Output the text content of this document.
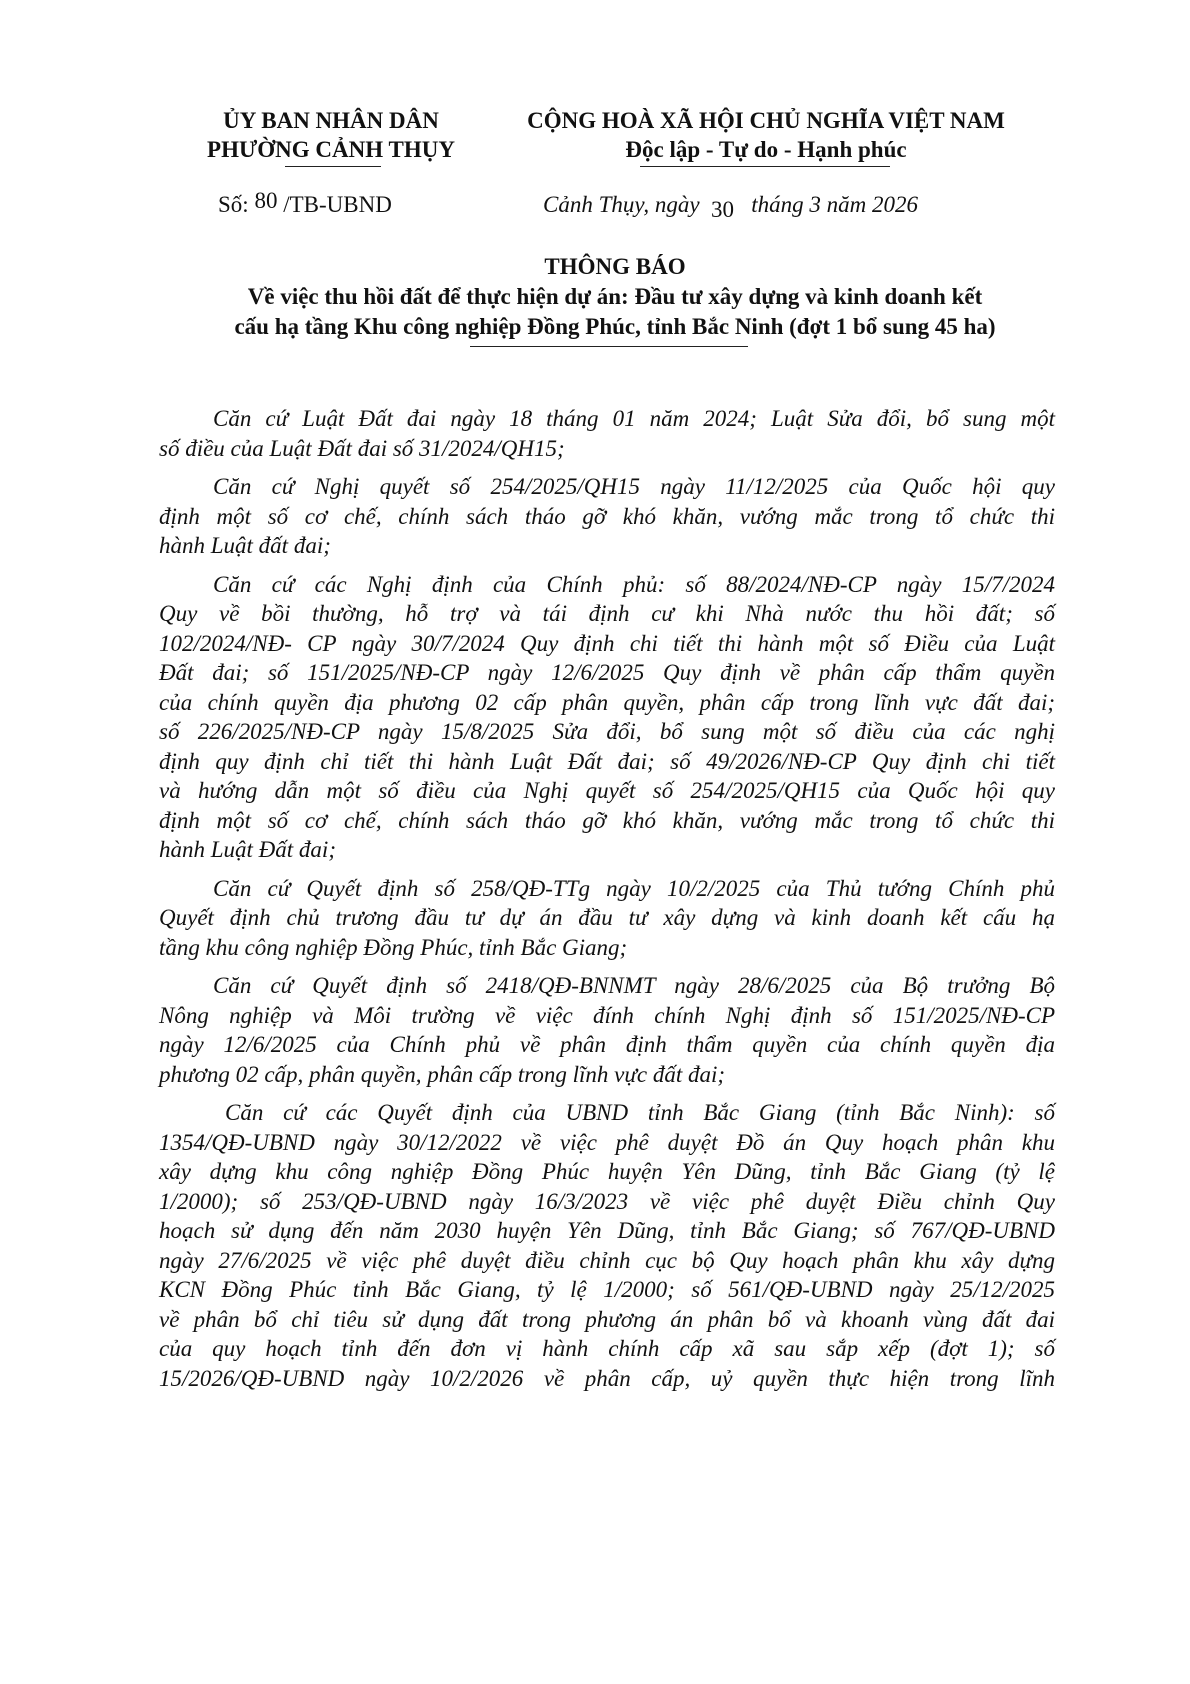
ỦY BAN NHÂN DÂN
PHƯỜNG CẢNH THỤY
CỘNG HOÀ XÃ HỘI CHỦ NGHĨA VIỆT NAM
Độc lập - Tự do - Hạnh phúc
Số: 80 /TB-UBND	Cảnh Thụy, ngày 30 tháng 3 năm 2026
THÔNG BÁO
Về việc thu hồi đất để thực hiện dự án: Đầu tư xây dựng và kinh doanh kết
cấu hạ tầng Khu công nghiệp Đồng Phúc, tỉnh Bắc Ninh (đợt 1 bổ sung 45 ha)
Căn cứ Luật Đất đai ngày 18 tháng 01 năm 2024; Luật Sửa đổi, bổ sung một
số điều của Luật Đất đai số 31/2024/QH15;
Căn cứ Nghị quyết số 254/2025/QH15 ngày 11/12/2025 của Quốc hội quy
định một số cơ chế, chính sách tháo gỡ khó khăn, vướng mắc trong tổ chức thi
hành Luật đất đai;
Căn cứ các Nghị định của Chính phủ: số 88/2024/NĐ-CP ngày 15/7/2024
Quy về bồi thường, hỗ trợ và tái định cư khi Nhà nước thu hồi đất; số
102/2024/NĐ- CP ngày 30/7/2024 Quy định chi tiết thi hành một số Điều của Luật
Đất đai; số 151/2025/NĐ-CP ngày 12/6/2025 Quy định về phân cấp thẩm quyền
của chính quyền địa phương 02 cấp phân quyền, phân cấp trong lĩnh vực đất đai;
số 226/2025/NĐ-CP ngày 15/8/2025 Sửa đổi, bổ sung một số điều của các nghị
định quy định chỉ tiết thi hành Luật Đất đai; số 49/2026/NĐ-CP Quy định chi tiết
và hướng dẫn một số điều của Nghị quyết số 254/2025/QH15 của Quốc hội quy
định một số cơ chế, chính sách tháo gỡ khó khăn, vướng mắc trong tổ chức thi
hành Luật Đất đai;
Căn cứ Quyết định số 258/QĐ-TTg ngày 10/2/2025 của Thủ tướng Chính phủ
Quyết định chủ trương đầu tư dự án đầu tư xây dựng và kinh doanh kết cấu hạ
tầng khu công nghiệp Đồng Phúc, tỉnh Bắc Giang;
Căn cứ Quyết định số 2418/QĐ-BNNMT ngày 28/6/2025 của Bộ trưởng Bộ
Nông nghiệp và Môi trường về việc đính chính Nghị định số 151/2025/NĐ-CP
ngày 12/6/2025 của Chính phủ về phân định thẩm quyền của chính quyền địa
phương 02 cấp, phân quyền, phân cấp trong lĩnh vực đất đai;
Căn cứ các Quyết định của UBND tỉnh Bắc Giang (tỉnh Bắc Ninh): số
1354/QĐ-UBND ngày 30/12/2022 về việc phê duyệt Đồ án Quy hoạch phân khu
xây dựng khu công nghiệp Đồng Phúc huyện Yên Dũng, tỉnh Bắc Giang (tỷ lệ
1/2000); số 253/QĐ-UBND ngày 16/3/2023 về việc phê duyệt Điều chỉnh Quy
hoạch sử dụng đến năm 2030 huyện Yên Dũng, tỉnh Bắc Giang; số 767/QĐ-UBND
ngày 27/6/2025 về việc phê duyệt điều chỉnh cục bộ Quy hoạch phân khu xây dựng
KCN Đồng Phúc tỉnh Bắc Giang, tỷ lệ 1/2000; số 561/QĐ-UBND ngày 25/12/2025
về phân bổ chỉ tiêu sử dụng đất trong phương án phân bổ và khoanh vùng đất đai
của quy hoạch tỉnh đến đơn vị hành chính cấp xã sau sắp xếp (đợt 1); số
15/2026/QĐ-UBND ngày 10/2/2026 về phân cấp, uỷ quyền thực hiện trong lĩnh
